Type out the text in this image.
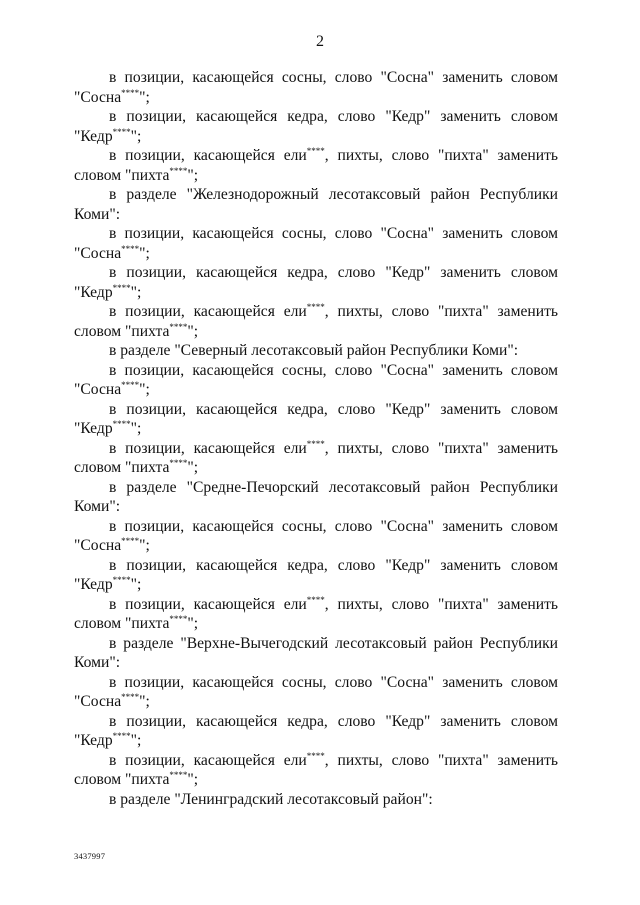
2

в позиции, касающейся сосны, слово "Сосна" заменить словом "Сосна****";

в позиции, касающейся кедра, слово "Кедр" заменить словом "Кедр****";

в позиции, касающейся ели****, пихты, слово "пихта" заменить словом "пихта****";

в разделе "Железнодорожный лесотаксовый район Республики Коми":

в позиции, касающейся сосны, слово "Сосна" заменить словом "Сосна****";

в позиции, касающейся кедра, слово "Кедр" заменить словом "Кедр****";

в позиции, касающейся ели****, пихты, слово "пихта" заменить словом "пихта****";

в разделе "Северный лесотаксовый район Республики Коми":

в позиции, касающейся сосны, слово "Сосна" заменить словом "Сосна****";

в позиции, касающейся кедра, слово "Кедр" заменить словом "Кедр****";

в позиции, касающейся ели****, пихты, слово "пихта" заменить словом "пихта****";

в разделе "Средне-Печорский лесотаксовый район Республики Коми":

в позиции, касающейся сосны, слово "Сосна" заменить словом "Сосна****";

в позиции, касающейся кедра, слово "Кедр" заменить словом "Кедр****";

в позиции, касающейся ели****, пихты, слово "пихта" заменить словом "пихта****";

в разделе "Верхне-Вычегодский лесотаксовый район Республики Коми":

в позиции, касающейся сосны, слово "Сосна" заменить словом "Сосна****";

в позиции, касающейся кедра, слово "Кедр" заменить словом "Кедр****";

в позиции, касающейся ели****, пихты, слово "пихта" заменить словом "пихта****";

в разделе "Ленинградский лесотаксовый район":

3437997
